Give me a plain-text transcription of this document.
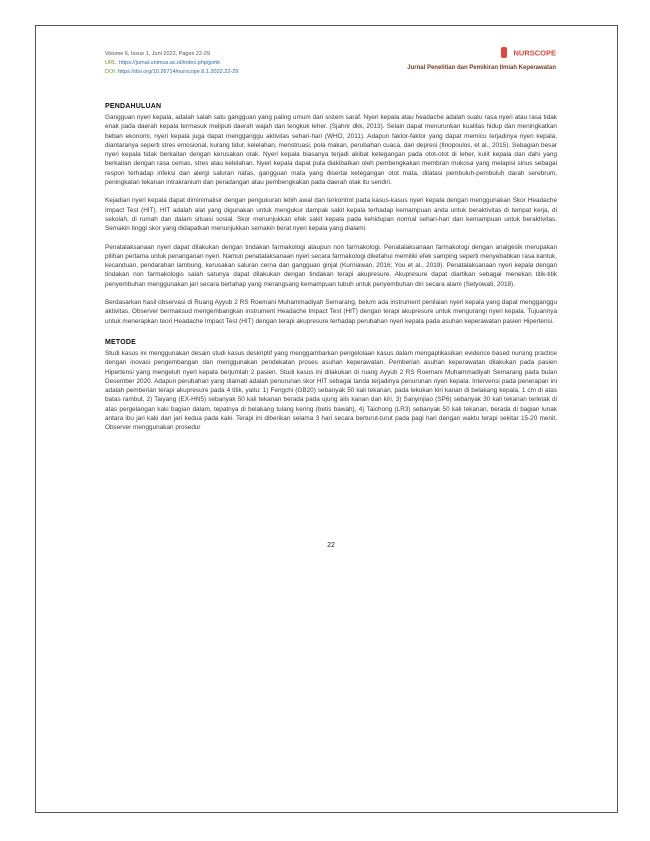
Volume 6, Issue 1, Juni 2022, Pages 22-29
URL: https://jurnal.unimus.ac.id/index.php/jpmk
DOI: https://doi.org/10.26714/nurscope.6.1.2022.22-29
NURSCOPE
Jurnal Penelitian dan Pemikiran Ilmiah Keperawatan
PENDAHULUAN

Gangguan nyeri kepala, adalah salah satu gangguan yang paling umum dari sistem saraf. Nyeri kepala atau headache adalah suatu rasa nyeri atau rasa tidak enak pada daerah kepala termasuk meliputi daerah wajah dan tengkuk leher. (Sjahrir dkk, 2013). Selain dapat menurunkan kualitas hidup dan meningkatkan beban ekonomi, nyeri kepala juga dapat mengganggu aktivitas sehari-hari (WHO, 2011). Adapun faktor-faktor yang dapat memicu terjadinya nyeri kepala, diantaranya seperti stres emosional, kurang tidur, kelelahan, menstruasi, pola makan, perubahan cuaca, dan depresi (Ilnopoulos, et al., 2015). Sebagian besar nyeri kepala tidak berkaitan dengan kerusakan otak. Nyeri kepala biasanya terjadi akibat ketegangan pada otot-otot di leher, kulit kepala dan dahi yang berkaitan dengan rasa cemas, stres atau kelelahan. Nyeri kepala dapat pula diakibatkan oleh pembengkakan membran mukosa yang melapisi sinus sebagai respon terhadap infeksi dan alergi saluran nafas, gangguan mata yang disertai ketegangan otot mata, dilatasi pembuluh-pembuluh darah serebrum, peningkatan tekanan intrakranium dan peradangan atau pembengkakan pada daerah otak itu sendiri.

Kejadian nyeri kepala dapat diminimalisir dengan pengukuran lebih awal dan terkontrol pada kasus-kasus nyeri kepala dengan menggunakan Skor Headache Impact Test (HIT). HIT adalah alat yang digunakan untuk mengukur dampak sakit kepala terhadap kemampuan anda untuk beraktivitas di tempat kerja, di sekolah, di rumah dan dalam situasi sosial. Skor menunjukkan efek sakit kepala pada kehidupan normal sehari-hari dan kemampuan untuk beraktivitas. Semakin tinggi skor yang didapatkan menunjukkan semakin berat nyeri kepala yang dialami.

Penatalaksanaan nyeri dapat dilakukan dengan tindakan farmakologi ataupun non farmakologi. Penatalaksanaan farmakologi dengan analgesik merupakan pilihan pertama untuk penanganan nyeri. Namun penatalaksanaan nyeri secara farmakologi diketahui memiliki efek samping seperti menyebabkan rasa kantuk, kecanduan, pendarahan lambung, kerusakan saluran cerna dan gangguan ginjal (Kurniawan, 2016; You et al., 2019). Penatalaksanaan nyeri kepala dengan tindakan non farmakologis salah satunya dapat dilakukan dengan tindakan terapi akupresure. Akupresure dapat diartikan sebagai menekan titik-titik penyembuhan menggunakan jari secara bertahap yang merangsang kemampuan tubuh untuk penyembuhan diri secara alami (Setyowati, 2018).

Berdasarkan hasil observasi di Ruang Ayyub 2 RS Roemani Muhammadiyah Semarang, belum ada instrument penilaian nyeri kepala yang dapat mengganggu aktivitas. Observer bermaksud mengembangkan instrument Headache Impact Test (HIT) dengan terapi akupresure untuk mengurangi nyeri kepala. Tujuannya untuk menerapkan teori Headache Impact Test (HIT) dengan terapi akupresure terhadap perubahan nyeri kepala pada asuhan keperawatan pasien Hipertensi.

METODE

Studi kasus ini menggunakan desain studi kasus deskriptif yang menggambarkan pengelolaan kasus dalam mengaplikasikan evidence based nursing practice dengan inovasi pengembangan dan menggunakan pendekatan proses asuhan keperawatan. Pemberian asuhan keperawatan dilakukan pada pasien Hipertensi yang mengeluh nyeri kepala berjumlah 2 pasien. Studi kasus ini dilakukan di ruang Ayyub 2 RS Roemani Muhammadiyah Semarang pada bulan Desember 2020. Adapun perubahan yang diamati adalah penurunan skor HIT sebagai tanda terjadinya penurunan nyeri kepala. Intervensi pada penerapan ini adalah pemberian terapi akupresure pada 4 titik, yaitu: 1) Fengchi (GB20) sebanyak 50 kali tekanan, pada lekukan kiri kanan di belakang kepala, 1 cm di atas batas rambut, 2) Taiyang (EX-HN5) sebanyak 50 kali tekanan berada pada ujung alis kanan dan kiri, 3) Sanyinjiao (SP6) sebanyak 30 kali tekanan terletak di atas pergelangan kaki bagian dalam, tepatnya di belakang tulang kering (betis bawah), 4) Taichong (LR3) sebanyak 50 kali tekanan, berada di bagian lunak antara ibu jari kaki dan jari kedua pada kaki. Terapi ini diberikan selama 3 hari secara berturut-turut pada pagi hari dengan waktu terapi sekitar 15-20 menit. Observer menggunakan prosedur

22
